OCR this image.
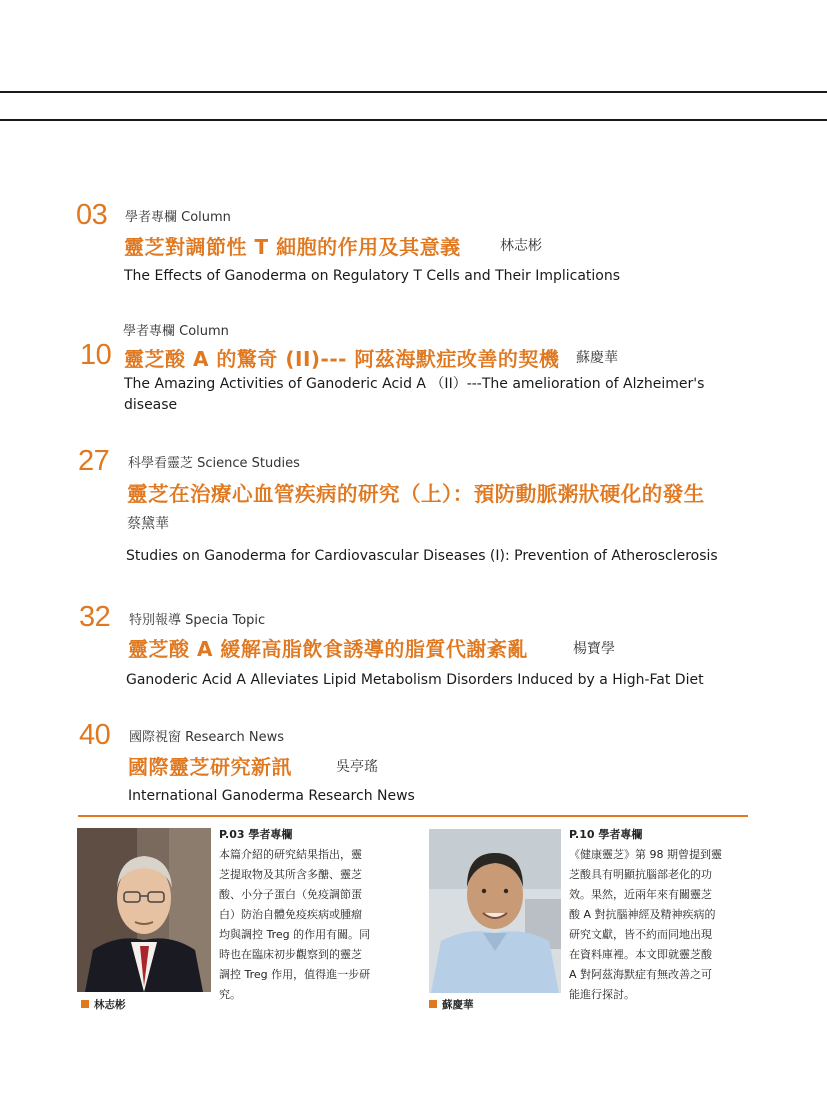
03 學者專欄 Column
靈芝對調節性 T 細胞的作用及其意義	林志彬
The Effects of Ganoderma on Regulatory T Cells and Their Implications
學者專欄 Column
10 靈芝酸 A 的驚奇 (II)--- 阿茲海默症改善的契機 蘇慶華
The Amazing Activities of Ganoderic Acid A （II）---The amelioration of Alzheimer's disease
27 科學看靈芝 Science Studies
靈芝在治療心血管疾病的研究（上）：預防動脈粥狀硬化的發生
蔡黛華
Studies on Ganoderma for Cardiovascular Diseases (I): Prevention of Atherosclerosis
32 特別報導 Specia Topic
靈芝酸 A 緩解高脂飲食誘導的脂質代謝紊亂	楊寶學
Ganoderic Acid A Alleviates Lipid Metabolism Disorders Induced by a High-Fat Diet
40 國際視窗 Research News
國際靈芝研究新訊	吳亭瑤
International Ganoderma Research News
林志彬
P.03 學者專欄
本篇介紹的研究結果指出，靈
芝提取物及其所含多醣、靈芝
酸、小分子蛋白（免疫調節蛋
白）防治自體免疫疾病或腫瘤
均與調控 Treg 的作用有關。同
時也在臨床初步觀察到的靈芝
調控 Treg 作用，值得進一步研
究。
蘇慶華
P.10 學者專欄
《健康靈芝》第 98 期曾提到靈
芝酸具有明顯抗腦部老化的功
效。果然，近兩年來有關靈芝
酸 A 對抗腦神經及精神疾病的
研究文獻，皆不約而同地出現
在資料庫裡。本文即就靈芝酸
A 對阿茲海默症有無改善之可
能進行探討。
